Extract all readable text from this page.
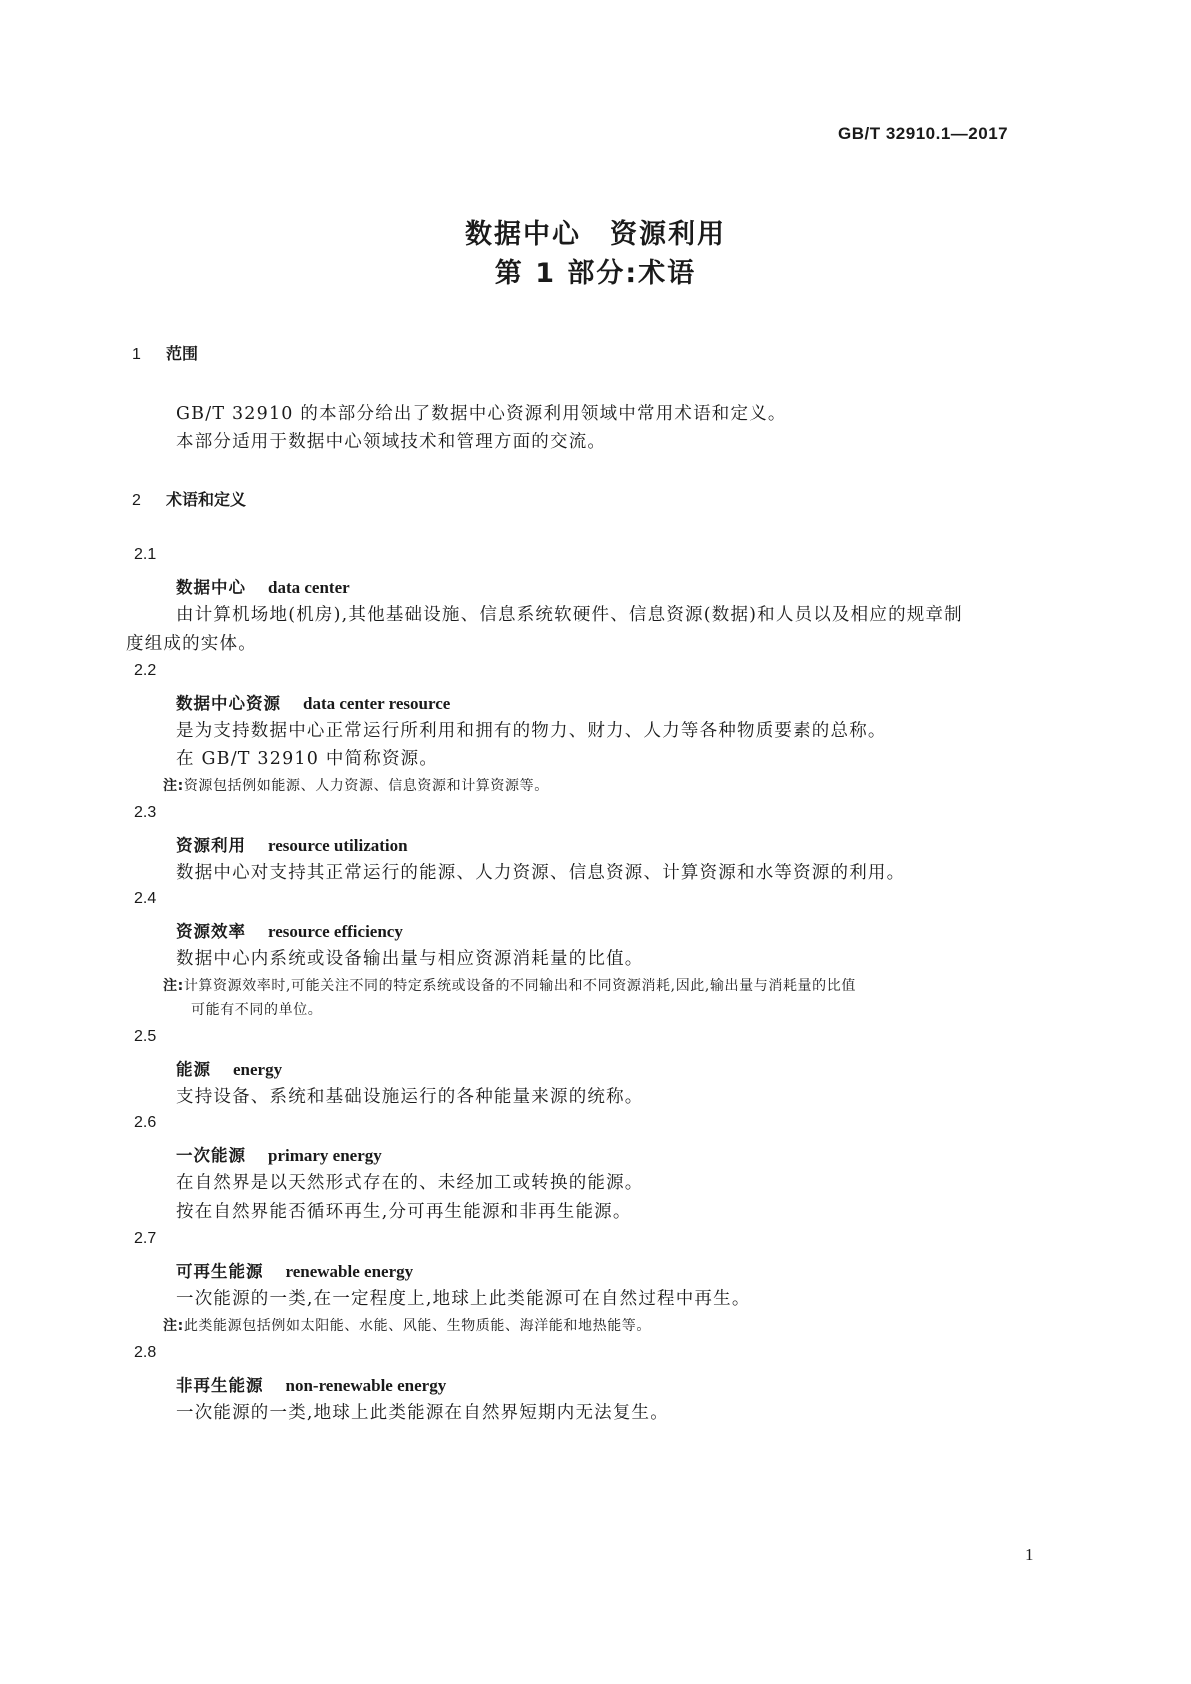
GB/T 32910.1—2017
数据中心　资源利用
第 1 部分:术语
1 范围
GB/T 32910 的本部分给出了数据中心资源利用领域中常用术语和定义。
本部分适用于数据中心领域技术和管理方面的交流。
2 术语和定义
2.1
数据中心 data center
由计算机场地(机房),其他基础设施、信息系统软硬件、信息资源(数据)和人员以及相应的规章制
度组成的实体。
2.2
数据中心资源 data center resource
是为支持数据中心正常运行所利用和拥有的物力、财力、人力等各种物质要素的总称。
在 GB/T 32910 中简称资源。
注:资源包括例如能源、人力资源、信息资源和计算资源等。
2.3
资源利用 resource utilization
数据中心对支持其正常运行的能源、人力资源、信息资源、计算资源和水等资源的利用。
2.4
资源效率 resource efficiency
数据中心内系统或设备输出量与相应资源消耗量的比值。
注:计算资源效率时,可能关注不同的特定系统或设备的不同输出和不同资源消耗,因此,输出量与消耗量的比值
可能有不同的单位。
2.5
能源 energy
支持设备、系统和基础设施运行的各种能量来源的统称。
2.6
一次能源 primary energy
在自然界是以天然形式存在的、未经加工或转换的能源。
按在自然界能否循环再生,分可再生能源和非再生能源。
2.7
可再生能源 renewable energy
一次能源的一类,在一定程度上,地球上此类能源可在自然过程中再生。
注:此类能源包括例如太阳能、水能、风能、生物质能、海洋能和地热能等。
2.8
非再生能源 non-renewable energy
一次能源的一类,地球上此类能源在自然界短期内无法复生。
1
